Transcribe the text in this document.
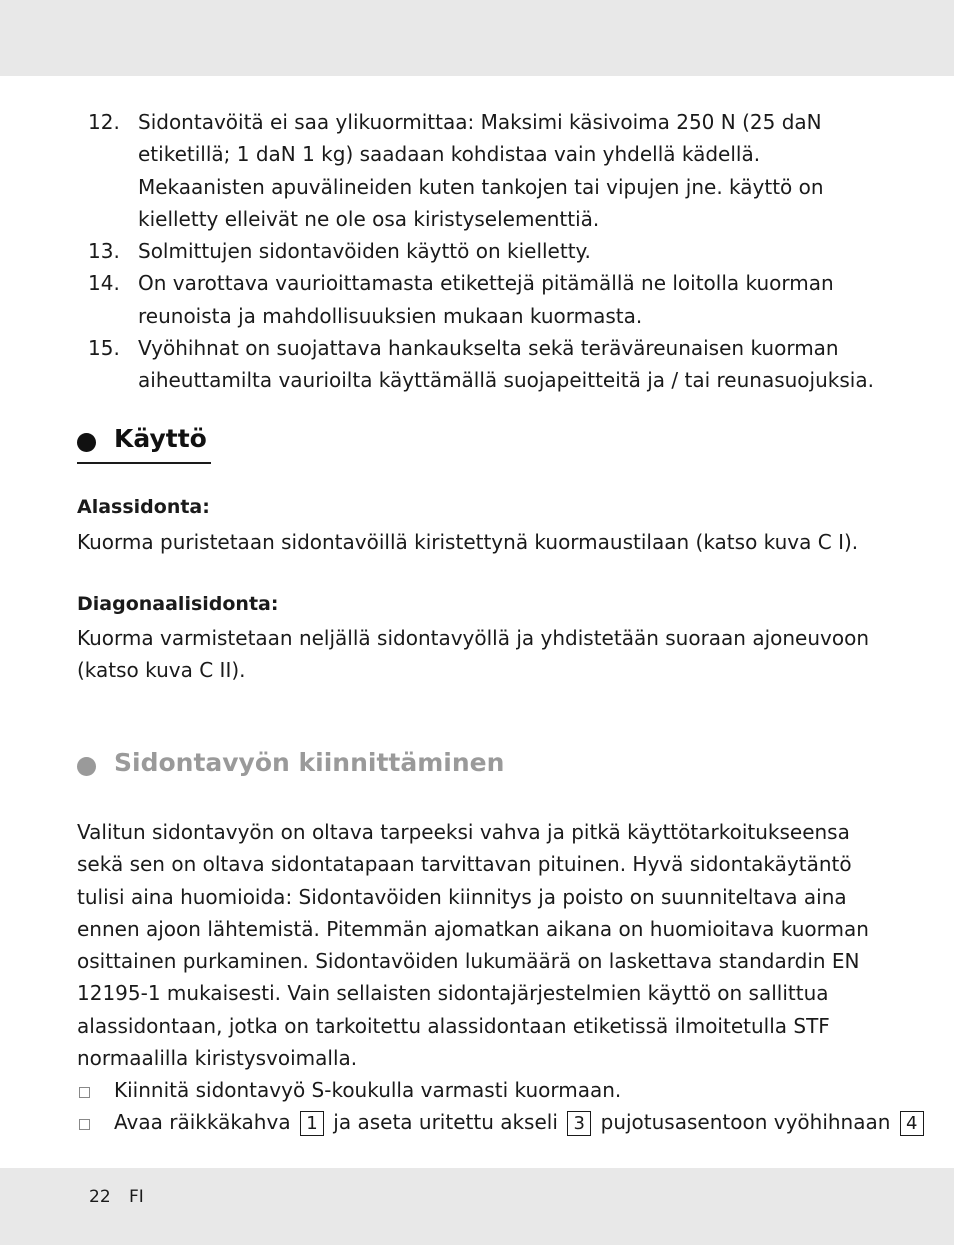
12. Sidontavöitä ei saa ylikuormittaa: Maksimi käsivoima 250 N (25 daN etiketillä; 1 daN 1 kg) saadaan kohdistaa vain yhdellä kädellä. Mekaanisten apuvälineiden kuten tankojen tai vipujen jne. käyttö on kielletty elleivät ne ole osa kiristyselementtiä.
13. Solmittujen sidontavöiden käyttö on kielletty.
14. On varottava vaurioittamasta etikettejä pitämällä ne loitolla kuorman reunoista ja mahdollisuuksien mukaan kuormasta.
15. Vyöhihnat on suojattava hankaukselta sekä teräväreunaisen kuorman aiheuttamilta vaurioilta käyttämällä suojapeitteitä ja / tai reunasuojuksia.
Käyttö
Alassidonta:
Kuorma puristetaan sidontavöillä kiristettynä kuormaustilaan (katso kuva C I).
Diagonaalisidonta:
Kuorma varmistetaan neljällä sidontavyöllä ja yhdistetään suoraan ajoneuvoon (katso kuva C II).
Sidontavyön kiinnittäminen
Valitun sidontavyön on oltava tarpeeksi vahva ja pitkä käyttötarkoitukseensa sekä sen on oltava sidontatapaan tarvittavan pituinen. Hyvä sidontakäytäntö tulisi aina huomioida: Sidontavöiden kiinnitys ja poisto on suunniteltava aina ennen ajoon lähtemistä. Pitemmän ajomatkan aikana on huomioitava kuorman osittainen purkaminen. Sidontavöiden lukumäärä on laskettava standardin EN 12195-1 mukaisesti. Vain sellaisten sidontajärjestelmien käyttö on sallittua alassidontaan, jotka on tarkoitettu alassidontaan etiketissä ilmoitetulla STF normaalilla kiristysvoimalla.
Kiinnitä sidontavyö S-koukulla varmasti kuormaan.
Avaa räikkäkahva 1 ja aseta uritettu akseli 3 pujotusasentoon vyöhihnaan 4
22 FI
